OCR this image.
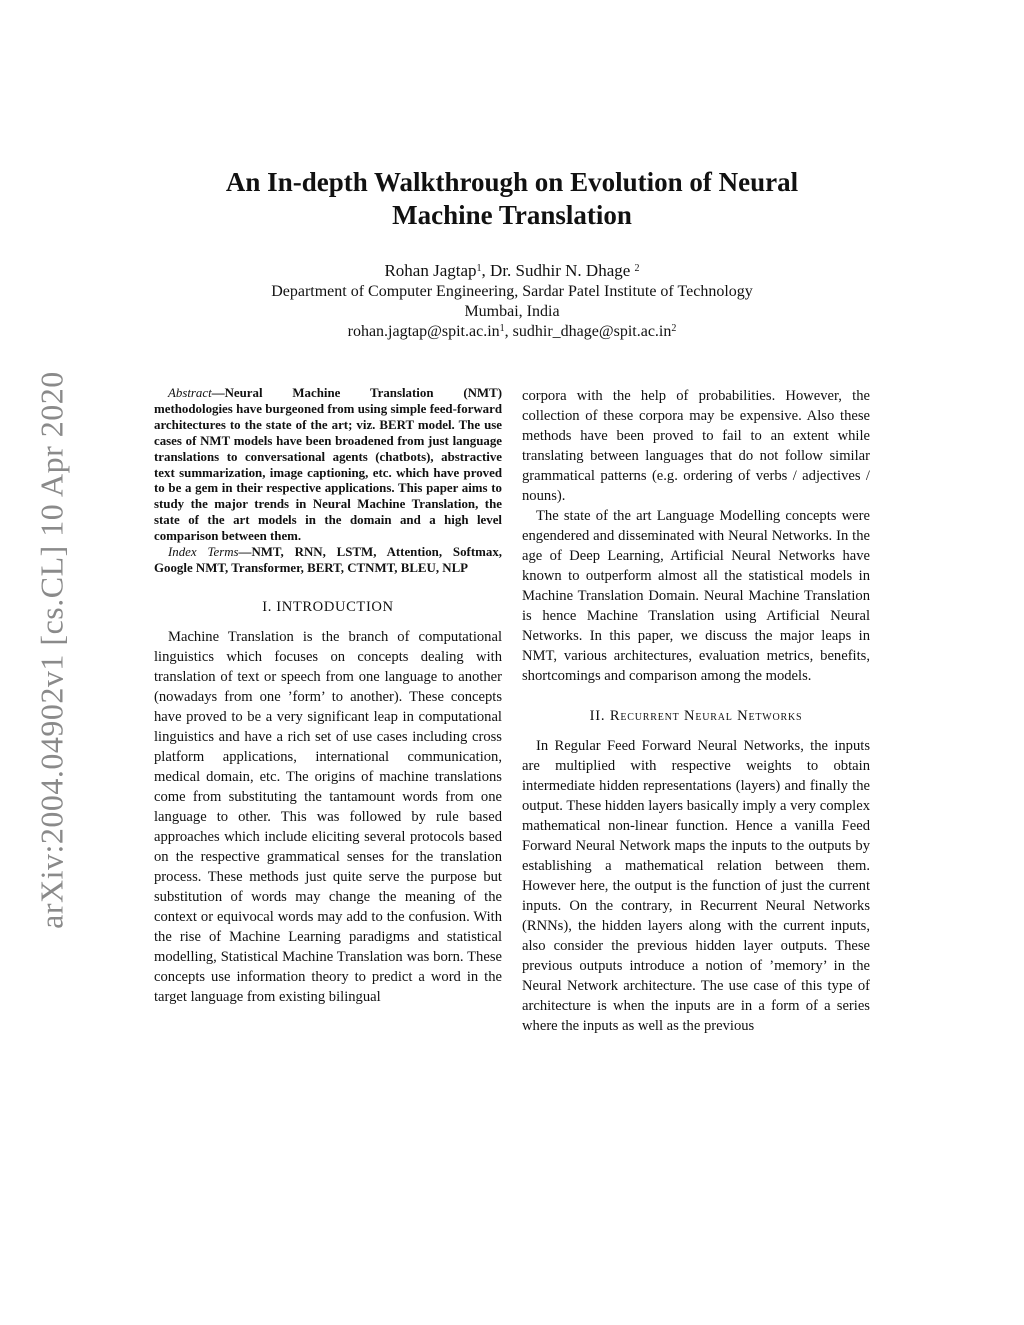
arXiv:2004.04902v1 [cs.CL] 10 Apr 2020
An In-depth Walkthrough on Evolution of Neural
Machine Translation
Rohan Jagtap$^1$, Dr. Sudhir N. Dhage $^2$
Department of Computer Engineering, Sardar Patel Institute of Technology
Mumbai, India
$rohan.jagtap@spit.ac.in^1$, $sudhir\_dhage@spit.ac.in^2$

Abstract—Neural Machine Translation (NMT) methodologies have burgeoned from using simple feed-forward architectures to the state of the art; viz. BERT model. The use cases of NMT models have been broadened from just language translations to conversational agents (chatbots), abstractive text summarization, image captioning, etc. which have proved to be a gem in their respective applications. This paper aims to study the major trends in Neural Machine Translation, the state of the art models in the domain and a high level comparison between them.

Index Terms—NMT, RNN, LSTM, Attention, Softmax, Google NMT, Transformer, BERT, CTNMT, BLEU, NLP

I. INTRODUCTION

Machine Translation is the branch of computational linguistics which focuses on concepts dealing with translation of text or speech from one language to another (nowadays from one ’form’ to another). These concepts have proved to be a very significant leap in computational linguistics and have a rich set of use cases including cross platform applications, international communication, medical domain, etc. The origins of machine translations come from substituting the tantamount words from one language to other. This was followed by rule based approaches which include eliciting several protocols based on the respective grammatical senses for the translation process. These methods just quite serve the purpose but substitution of words may change the meaning of the context or equivocal words may add to the confusion. With the rise of Machine Learning paradigms and statistical modelling, Statistical Machine Translation was born. These concepts use information theory to predict a word in the target language from existing bilingual

corpora with the help of probabilities. However, the collection of these corpora may be expensive. Also these methods have been proved to fail to an extent while translating between languages that do not follow similar grammatical patterns (e.g. ordering of verbs / adjectives / nouns).

The state of the art Language Modelling concepts were engendered and disseminated with Neural Networks. In the age of Deep Learning, Artificial Neural Networks have known to outperform almost all the statistical models in Machine Translation Domain. Neural Machine Translation is hence Machine Translation using Artificial Neural Networks. In this paper, we discuss the major leaps in NMT, various architectures, evaluation metrics, benefits, shortcomings and comparison among the models.

II. Recurrent Neural Networks

In Regular Feed Forward Neural Networks, the inputs are multiplied with respective weights to obtain intermediate hidden representations (layers) and finally the output. These hidden layers basically imply a very complex mathematical non-linear function. Hence a vanilla Feed Forward Neural Network maps the inputs to the outputs by establishing a mathematical relation between them. However here, the output is the function of just the current inputs. On the contrary, in Recurrent Neural Networks (RNNs), the hidden layers along with the current inputs, also consider the previous hidden layer outputs. These previous outputs introduce a notion of ’memory’ in the Neural Network architecture. The use case of this type of architecture is when the inputs are in a form of a series where the inputs as well as the previous
